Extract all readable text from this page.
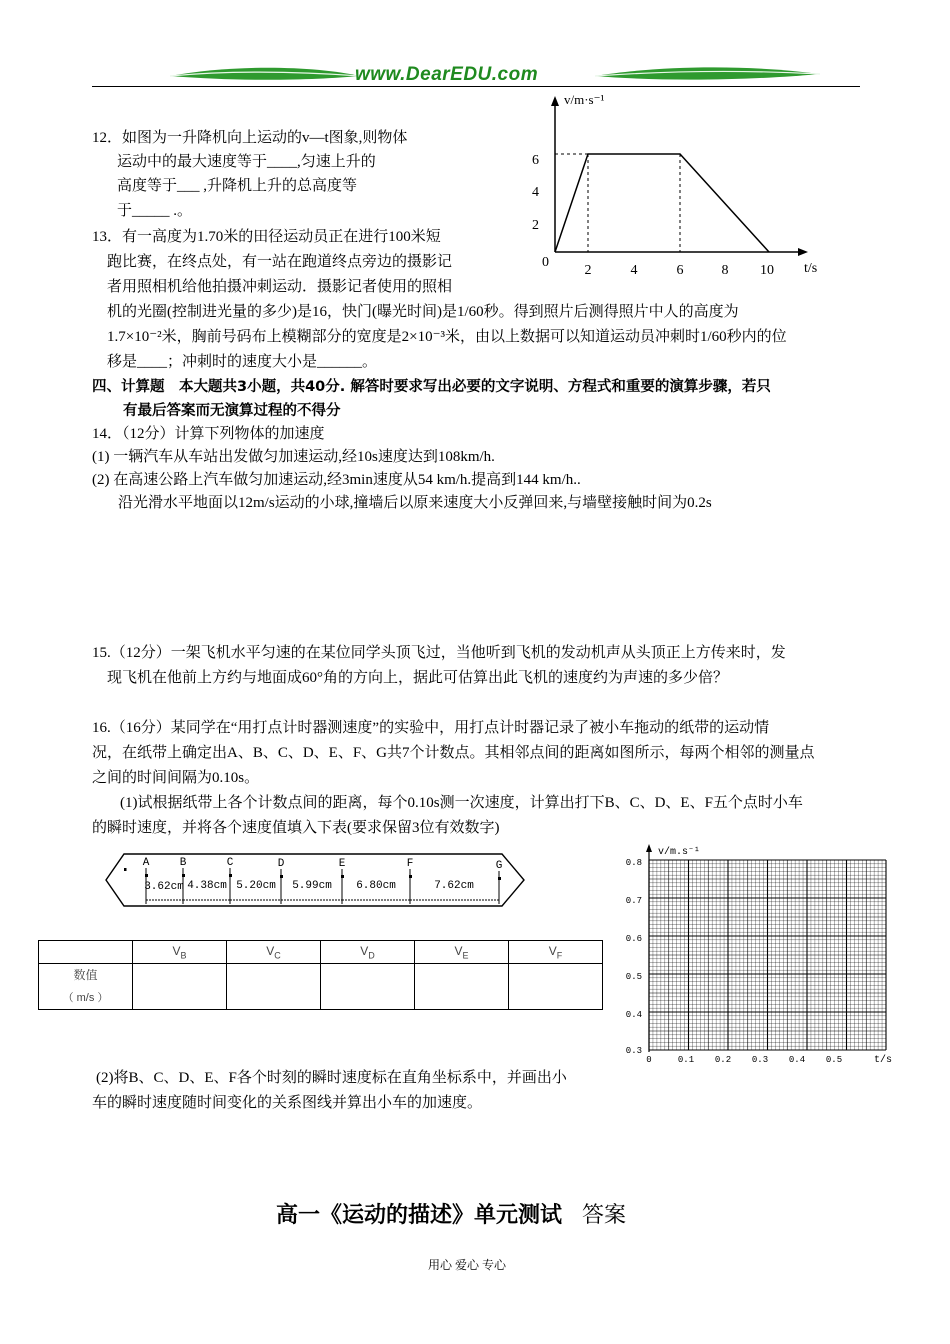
www.DearEDU.com
12．如图为一升降机向上运动的v—t图象,则物体
运动中的最大速度等于____,匀速上升的
高度等于___ ,升降机上升的总高度等
于_____ .。
v/m·s⁻¹
t/s
0
2
4
6
2	4	6	8 10
13．有一高度为1.70米的田径运动员正在进行100米短
跑比赛，在终点处，有一站在跑道终点旁边的摄影记
者用照相机给他拍摄冲刺运动．摄影记者使用的照相
机的光圈(控制进光量的多少)是16，快门(曝光时间)是1/60秒。得到照片后测得照片中人的高度为
1.7×10⁻²米，胸前号码布上模糊部分的宽度是2×10⁻³米，由以上数据可以知道运动员冲刺时1/60秒内的位
移是____；冲刺时的速度大小是______。
四、计算题　本大题共3小题，共40分. 解答时要求写出必要的文字说明、方程式和重要的演算步骤，若只
有最后答案而无演算过程的不得分
14．（12分）计算下列物体的加速度
(1) 一辆汽车从车站出发做匀加速运动,经10s速度达到108km/h.
(2) 在高速公路上汽车做匀加速运动,经3min速度从54 km/h.提高到144 km/h..
沿光滑水平地面以12m/s运动的小球,撞墙后以原来速度大小反弹回来,与墙壁接触时间为0.2s
15.（12分）一架飞机水平匀速的在某位同学头顶飞过，当他听到飞机的发动机声从头顶正上方传来时，发
现飞机在他前上方约与地面成60°角的方向上，据此可估算出此飞机的速度约为声速的多少倍？
16.（16分）某同学在“用打点计时器测速度”的实验中，用打点计时器记录了被小车拖动的纸带的运动情
况，在纸带上确定出A、B、C、D、E、F、G共7个计数点。其相邻点间的距离如图所示，每两个相邻的测量点
之间的时间间隔为0.10s。
(1)试根据纸带上各个计数点间的距离，每个0.10s测一次速度，计算出打下B、C、D、E、F五个点时小车
的瞬时速度，并将各个速度值填入下表(要求保留3位有效数字)
A	B	C	D	E	F	G
3.62cm 4.38cm 5.20cm 5.99cm 6.80cm	7.62cm
	$V_B$	$V_C$	$V_D$	$V_E$	$V_F$
数值
（ m/s ）					
v/m.s⁻¹
t/s
0.8
0.7
0.6
0.5
0.4
0.3
0	0.1 0.2 0.3 0.4 0.5
(2)将B、C、D、E、F各个时刻的瞬时速度标在直角坐标系中，并画出小
车的瞬时速度随时间变化的关系图线并算出小车的加速度。
高一《运动的描述》单元测试 答案
用心 爱心 专心
